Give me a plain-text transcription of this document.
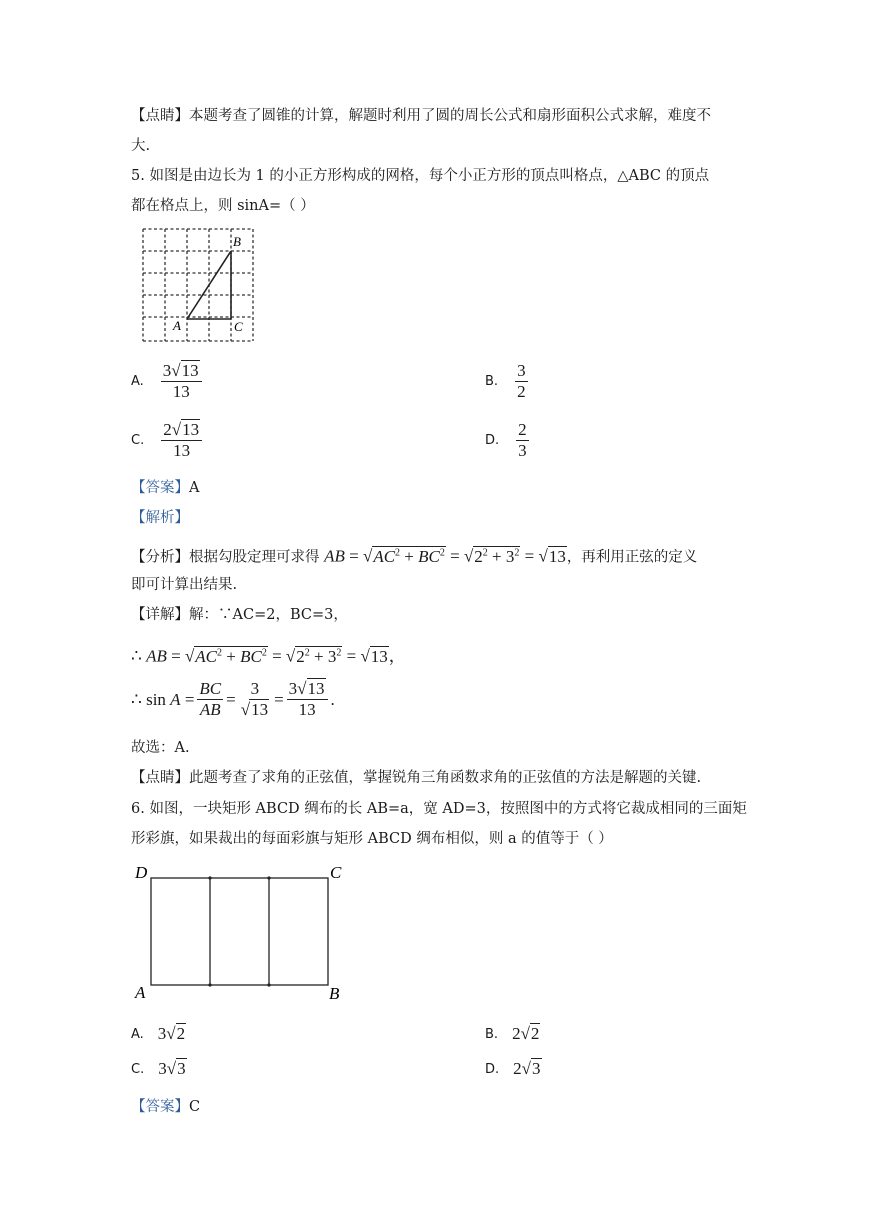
【点睛】本题考查了圆锥的计算，解题时利用了圆的周长公式和扇形面积公式求解，难度不
大.
5. 如图是由边长为 1 的小正方形构成的网格，每个小正方形的顶点叫格点，△ABC 的顶点
都在格点上，则 sinA=（ ）
A
B
C
A. $\frac{3√13}{13}$	B. $\frac{3}{2}$
C. $\frac{2√13}{13}$	D. $\frac{2}{3}$
【答案】A
【解析】
【分析】根据勾股定理可求得 AB = $√AC^2 + BC^2 = √2^2 + 3^2 = √13$，再利用正弦的定义
即可计算出结果.
【详解】解：∵AC=2，BC=3，
∴ AB = $√AC^2 + BC^2 = √2^2 + 3^2 = √13$，
∴ $\sin A = \frac{BC}{AB} = \frac{3}{√13} = \frac{3√13}{13}$ .
故选：A.
【点睛】此题考查了求角的正弦值，掌握锐角三角函数求角的正弦值的方法是解题的关键.
6. 如图，一块矩形 ABCD 绸布的长 AB=a，宽 AD=3，按照图中的方式将它裁成相同的三面矩
形彩旗，如果裁出的每面彩旗与矩形 ABCD 绸布相似，则 a 的值等于（ ）
D	C
A	B
A. 3√2	B. 2√2
C. 3√3	D. 2√3
【答案】C
